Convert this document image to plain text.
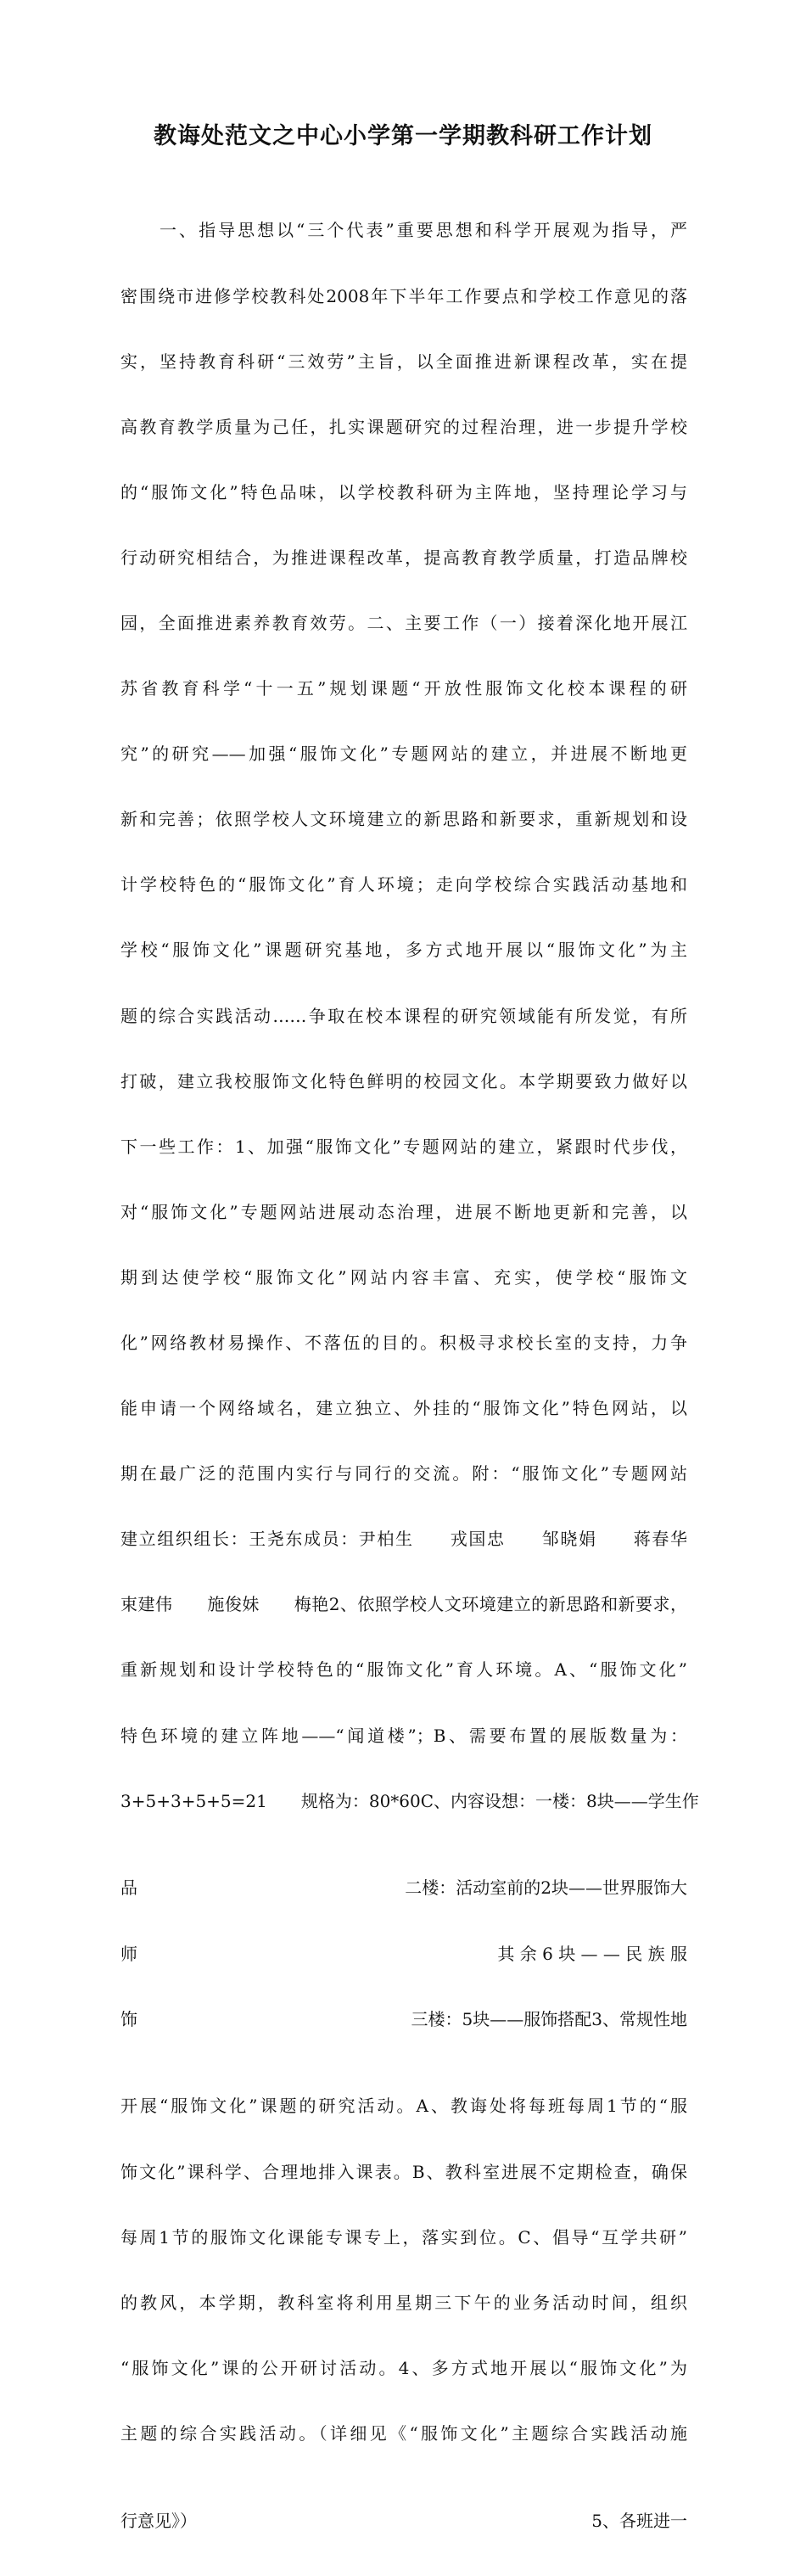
教诲处范文之中心小学第一学期教科研工作计划

　　一、指导思想以“三个代表”重要思想和科学开展观为指导，严

密围绕市进修学校教科处2008年下半年工作要点和学校工作意见的落

实，坚持教育科研“三效劳”主旨，以全面推进新课程改革，实在提

高教育教学质量为己任，扎实课题研究的过程治理，进一步提升学校

的“服饰文化”特色品味，以学校教科研为主阵地，坚持理论学习与

行动研究相结合，为推进课程改革，提高教育教学质量，打造品牌校

园，全面推进素养教育效劳。二、主要工作（一）接着深化地开展江

苏省教育科学“十一五”规划课题“开放性服饰文化校本课程的研

究”的研究——加强“服饰文化”专题网站的建立，并进展不断地更

新和完善；依照学校人文环境建立的新思路和新要求，重新规划和设

计学校特色的“服饰文化”育人环境；走向学校综合实践活动基地和

学校“服饰文化”课题研究基地，多方式地开展以“服饰文化”为主

题的综合实践活动……争取在校本课程的研究领域能有所发觉，有所

打破，建立我校服饰文化特色鲜明的校园文化。本学期要致力做好以

下一些工作：1、加强“服饰文化”专题网站的建立，紧跟时代步伐，

对“服饰文化”专题网站进展动态治理，进展不断地更新和完善，以

期到达使学校“服饰文化”网站内容丰富、充实，使学校“服饰文

化”网络教材易操作、不落伍的目的。积极寻求校长室的支持，力争

能申请一个网络域名，建立独立、外挂的“服饰文化”特色网站，以

期在最广泛的范围内实行与同行的交流。附：“服饰文化”专题网站

建立组织组长：王尧东成员：尹柏生　　戎国忠　　邹晓娟　　蒋春华

束建伟　　施俊妹　　梅艳2、依照学校人文环境建立的新思路和新要求，

重新规划和设计学校特色的“服饰文化”育人环境。A、“服饰文化”

特色环境的建立阵地——“闻道楼”；B、需要布置的展版数量为：

3+5+3+5+5=21　　规格为：80*60C、内容设想：一楼：8块——学生作

品	二楼：活动室前的2块——世界服饰大

师	其 余 6 块 — — 民 族 服

饰	三楼：5块——服饰搭配3、常规性地

开展“服饰文化”课题的研究活动。A、教诲处将每班每周1节的“服

饰文化”课科学、合理地排入课表。B、教科室进展不定期检查，确保

每周1节的服饰文化课能专课专上，落实到位。C、倡导“互学共研”

的教风，本学期，教科室将利用星期三下午的业务活动时间，组织

“服饰文化”课的公开研讨活动。4、多方式地开展以“服饰文化”为

主题的综合实践活动。（详细见《“服饰文化”主题综合实践活动施

行意见》）	5、各班进一
